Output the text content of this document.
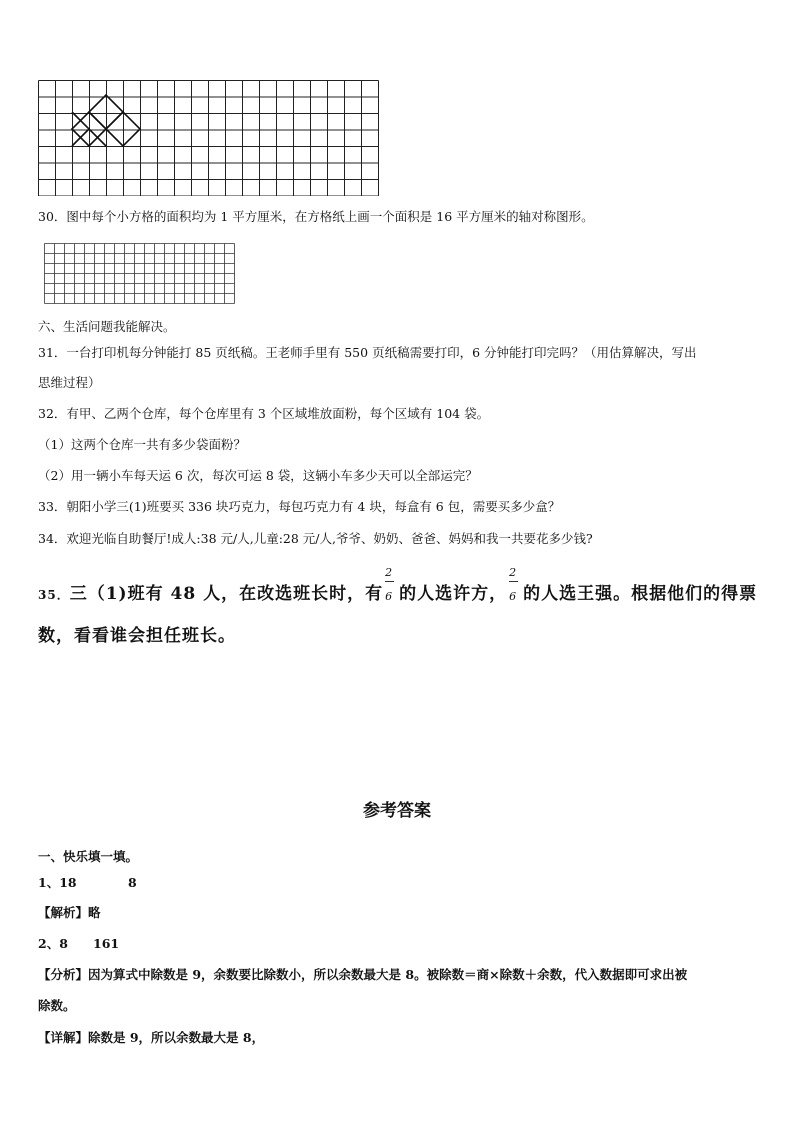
30．图中每个小方格的面积均为 1 平方厘米，在方格纸上画一个面积是 16 平方厘米的轴对称图形。
六、生活问题我能解决。
31．一台打印机每分钟能打 85 页纸稿。王老师手里有 550 页纸稿需要打印，6 分钟能打印完吗？（用估算解决，写出
思维过程）
32．有甲、乙两个仓库，每个仓库里有 3 个区域堆放面粉，每个区域有 104 袋。
（1）这两个仓库一共有多少袋面粉？
（2）用一辆小车每天运 6 次，每次可运 8 袋，这辆小车多少天可以全部运完？
33．朝阳小学三(1)班要买 336 块巧克力，每包巧克力有 4 块，每盒有 6 包，需要买多少盒？
34．欢迎光临自助餐厅!成人:38 元/人,儿童:28 元/人,爷爷、奶奶、爸爸、妈妈和我一共要花多少钱?
35．三（1)班有 48 人，在改选班长时，有 $\frac{2}{6}$ 的人选许方， $\frac{2}{6}$ 的人选王强。根据他们的得票
数，看看谁会担任班长。
参考答案
一、快乐填一填。
1、18	8
【解析】略
2、8 161
【分析】因为算式中除数是 9，余数要比除数小，所以余数最大是 8。被除数＝商×除数＋余数，代入数据即可求出被
除数。
【详解】除数是 9，所以余数最大是 8，
